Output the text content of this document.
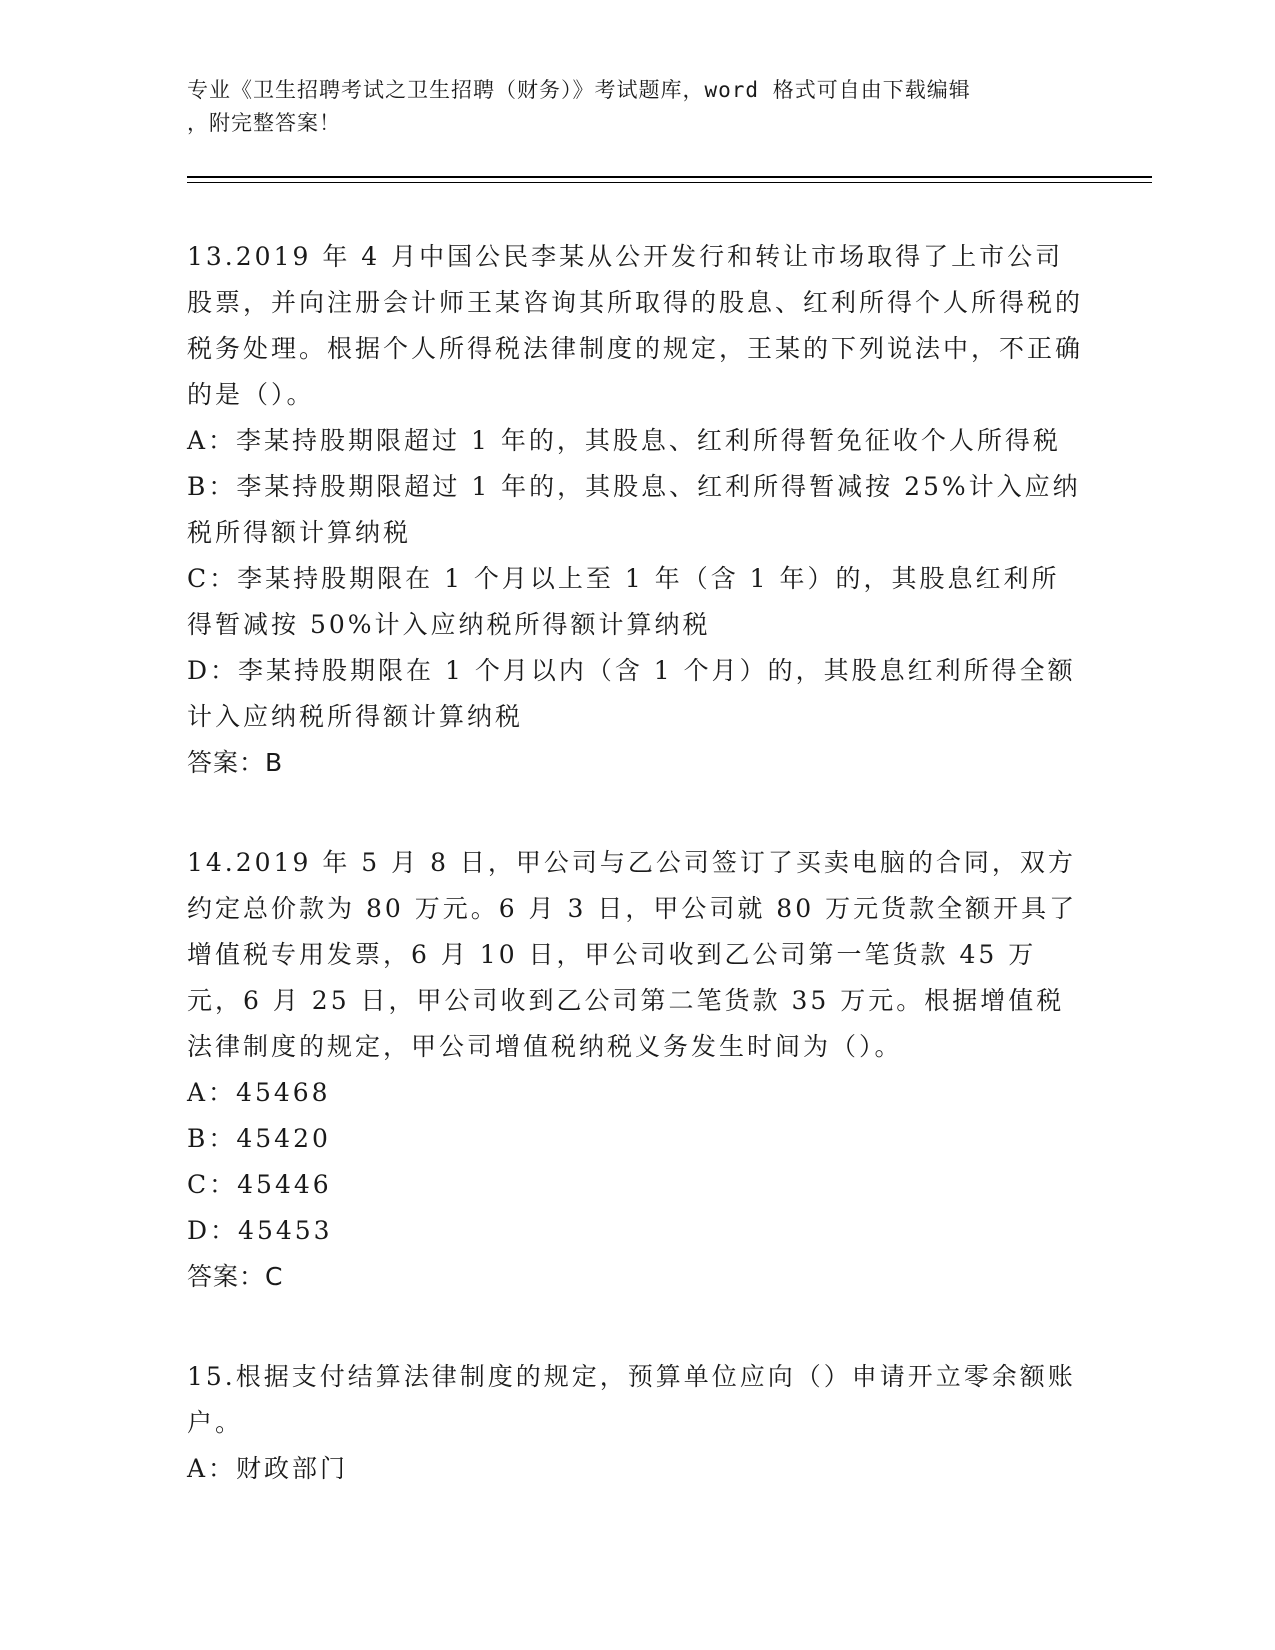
专业《卫生招聘考试之卫生招聘（财务）》考试题库，word 格式可自由下载编辑
，附完整答案！
13.2019 年 4 月中国公民李某从公开发行和转让市场取得了上市公司股票，并向注册会计师王某咨询其所取得的股息、红利所得个人所得税的税务处理。根据个人所得税法律制度的规定，王某的下列说法中，不正确的是（）。
A：李某持股期限超过 1 年的，其股息、红利所得暂免征收个人所得税
B：李某持股期限超过 1 年的，其股息、红利所得暂减按 25%计入应纳税所得额计算纳税
C：李某持股期限在 1 个月以上至 1 年（含 1 年）的，其股息红利所得暂减按 50%计入应纳税所得额计算纳税
D：李某持股期限在 1 个月以内（含 1 个月）的，其股息红利所得全额计入应纳税所得额计算纳税
答案：B
14.2019 年 5 月 8 日，甲公司与乙公司签订了买卖电脑的合同，双方约定总价款为 80 万元。6 月 3 日，甲公司就 80 万元货款全额开具了增值税专用发票，6 月 10 日，甲公司收到乙公司第一笔货款 45 万元，6 月 25 日，甲公司收到乙公司第二笔货款 35 万元。根据增值税法律制度的规定，甲公司增值税纳税义务发生时间为（）。
A：45468
B：45420
C：45446
D：45453
答案：C
15.根据支付结算法律制度的规定，预算单位应向（）申请开立零余额账户。
A：财政部门
